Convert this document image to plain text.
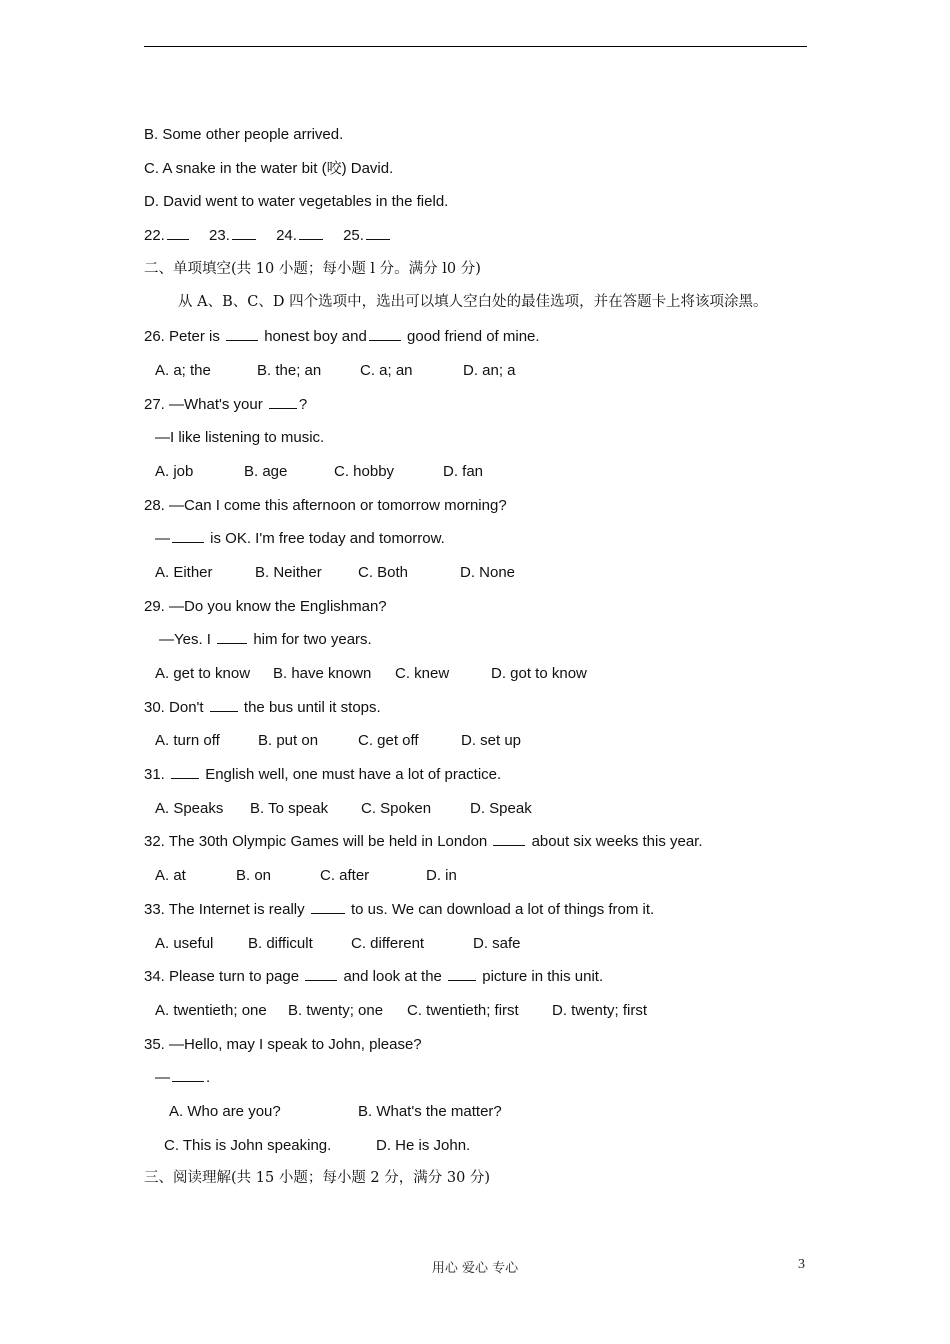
B. Some other people arrived.
C. A snake in the water bit (咬) David.
D. David went to water vegetables in the field.
22.	23.	24.	25.
二、单项填空(共 10 小题；每小题 l 分。满分 l0 分)
从 A、B、C、D 四个选项中，选出可以填人空白处的最佳选项，并在答题卡上将该项涂黑。
26. Peter is	honest boy and	good friend of mine.
A. a; the	B. the; an	C. a; an	D. an; a
27. —What's your ?
—I like listening to music.
A. job	B. age	C. hobby	D. fan
28. —Can I come this afternoon or tomorrow morning?
—	is OK. I'm free today and tomorrow.
A. Either	B. Neither C. Both	D. None
29. —Do you know the Englishman?
—Yes. I	him for two years.
A. get to know B. have known C. knew	D. got to know
30. Don't	the bus until it stops.
A. turn off	B. put on	C. get off	D. set up
31.	English well, one must have a lot of practice.
A. Speaks B. To speak C. Spoken	D. Speak
32. The 30th Olympic Games will be held in London	about six weeks this year.
A. at	B. on	C. after	D. in
33. The Internet is really	to us. We can download a lot of things from it.
A. useful B. difficult	C. different	D. safe
34. Please turn to page	and look at the	picture in this unit.
A. twentieth; one B. twenty; one C. twentieth; first D. twenty; first
35. —Hello, may I speak to John, please?
— .
A. Who are you?	B. What's the matter?
C. This is John speaking.	D. He is John.
三、阅读理解(共 15 小题；每小题 2 分，满分 30 分)
用心 爱心 专心	3
